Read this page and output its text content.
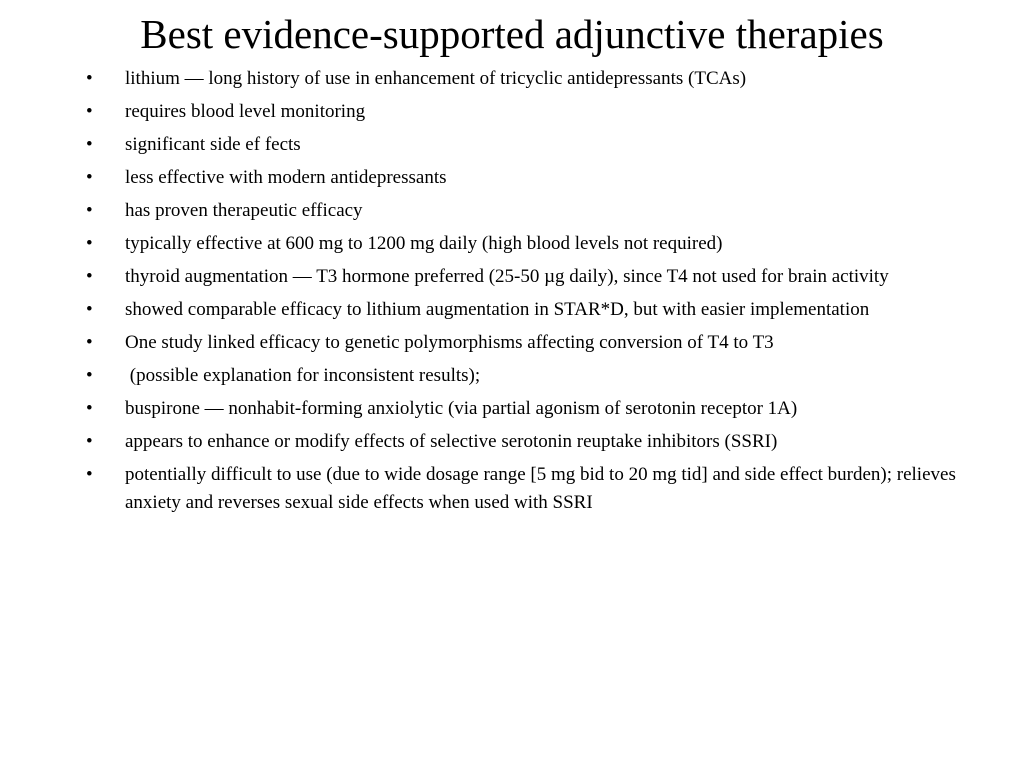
Best evidence-supported adjunctive therapies
• lithium — long history of use in enhancement of tricyclic antidepressants (TCAs)
• requires blood level monitoring
• significant side ef fects
• less effective with modern antidepressants
• has proven therapeutic efficacy
• typically effective at 600 mg to 1200 mg daily (high blood levels not required)
• thyroid augmentation — T3 hormone preferred (25-50 µg daily), since T4 not used for brain activity
• showed comparable efficacy to lithium augmentation in STAR*D, but with easier implementation
• One study linked efficacy to genetic polymorphisms affecting conversion of T4 to T3
• (possible explanation for inconsistent results);
• buspirone — nonhabit-forming anxiolytic (via partial agonism of serotonin receptor 1A)
• appears to enhance or modify effects of selective serotonin reuptake inhibitors (SSRI)
• potentially difficult to use (due to wide dosage range [5 mg bid to 20 mg tid] and side effect burden); relieves anxiety and reverses sexual side effects when used with SSRI
